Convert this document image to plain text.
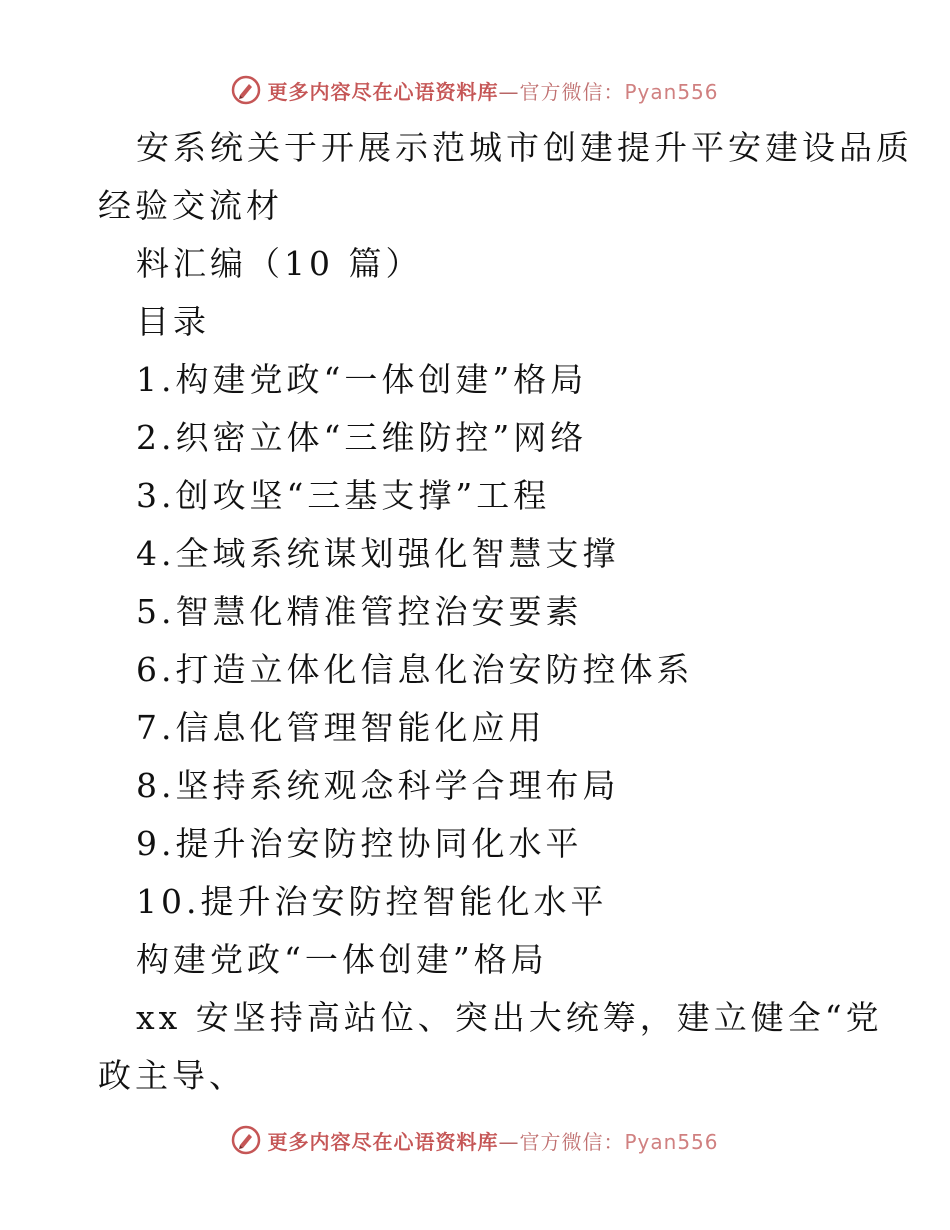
更多内容尽在心语资料库—官方微信：Pyan556
安系统关于开展示范城市创建提升平安建设品质
经验交流材
料汇编（10 篇）
目录
1.构建党政“一体创建”格局
2.织密立体“三维防控”网络
3.创攻坚“三基支撑”工程
4.全域系统谋划强化智慧支撑
5.智慧化精准管控治安要素
6.打造立体化信息化治安防控体系
7.信息化管理智能化应用
8.坚持系统观念科学合理布局
9.提升治安防控协同化水平
10.提升治安防控智能化水平
构建党政“一体创建”格局
xx 安坚持高站位、突出大统筹，建立健全“党
政主导、
更多内容尽在心语资料库—官方微信：Pyan556
